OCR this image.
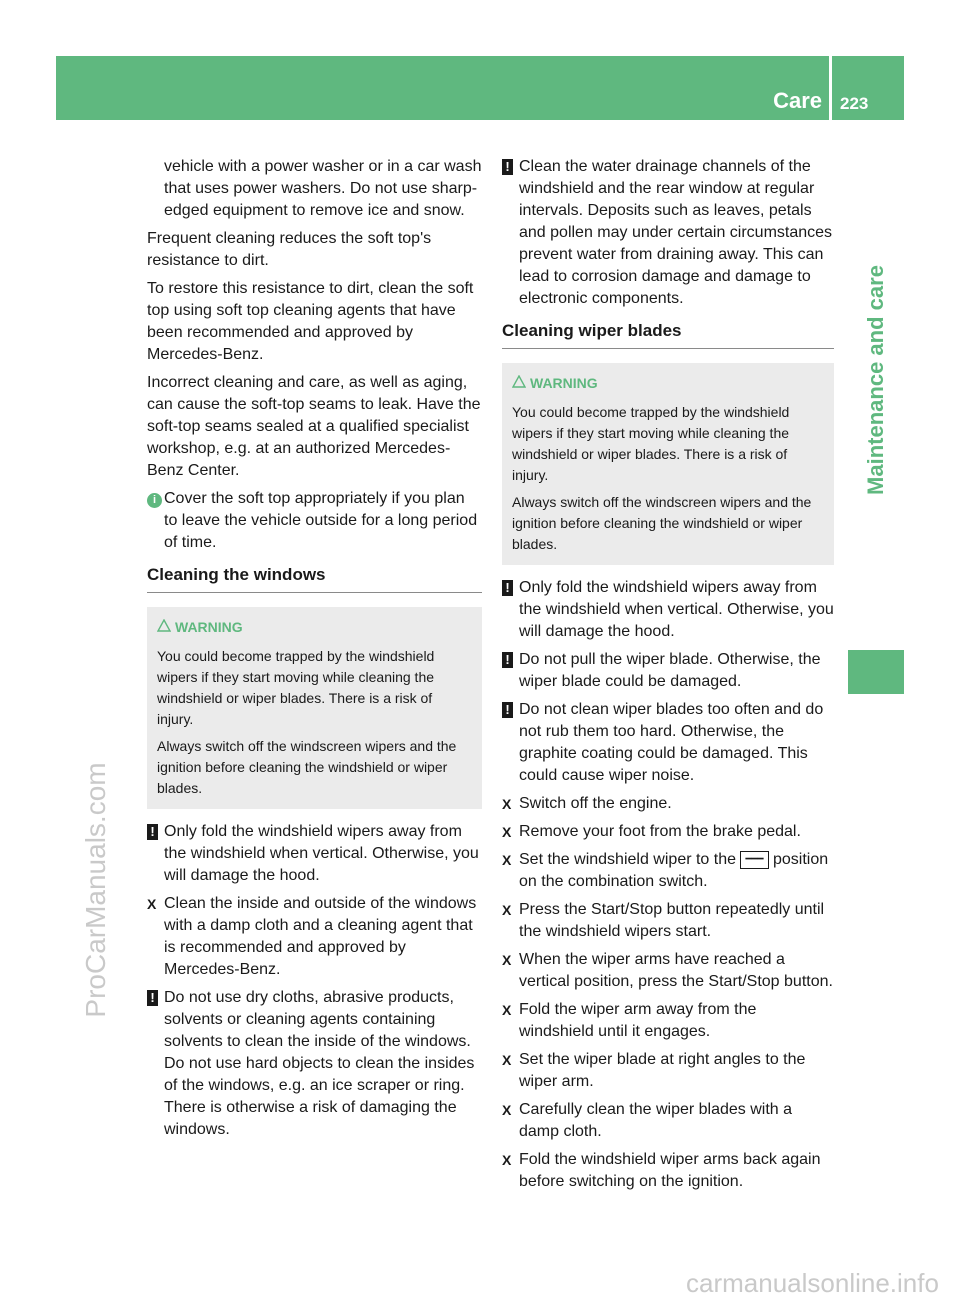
Care 223
Maintenance and care
ProCarManuals.com
carmanualsonline.info

vehicle with a power washer or in a car wash that uses power washers. Do not use sharp-edged equipment to remove ice and snow.

Frequent cleaning reduces the soft top's resistance to dirt.

To restore this resistance to dirt, clean the soft top using soft top cleaning agents that have been recommended and approved by Mercedes-Benz.

Incorrect cleaning and care, as well as aging, can cause the soft-top seams to leak. Have the soft-top seams sealed at a qualified specialist workshop, e.g. at an authorized Mercedes-Benz Center.

i Cover the soft top appropriately if you plan to leave the vehicle outside for a long period of time.
Cleaning the windows
WARNING

You could become trapped by the windshield wipers if they start moving while cleaning the windshield or wiper blades. There is a risk of injury.

Always switch off the windscreen wipers and the ignition before cleaning the windshield or wiper blades.

! Only fold the windshield wipers away from the windshield when vertical. Otherwise, you will damage the hood.
X Clean the inside and outside of the windows with a damp cloth and a cleaning agent that is recommended and approved by Mercedes-Benz.
! Do not use dry cloths, abrasive products, solvents or cleaning agents containing solvents to clean the inside of the windows. Do not use hard objects to clean the insides of the windows, e.g. an ice scraper or ring. There is otherwise a risk of damaging the windows.
! Clean the water drainage channels of the windshield and the rear window at regular intervals. Deposits such as leaves, petals and pollen may under certain circumstances prevent water from draining away. This can lead to corrosion damage and damage to electronic components.
Cleaning wiper blades
WARNING

You could become trapped by the windshield wipers if they start moving while cleaning the windshield or wiper blades. There is a risk of injury.

Always switch off the windscreen wipers and the ignition before cleaning the windshield or wiper blades.

! Only fold the windshield wipers away from the windshield when vertical. Otherwise, you will damage the hood.
! Do not pull the wiper blade. Otherwise, the wiper blade could be damaged.
! Do not clean wiper blades too often and do not rub them too hard. Otherwise, the graphite coating could be damaged. This could cause wiper noise.
X Switch off the engine.
X Remove your foot from the brake pedal.
X Set the windshield wiper to the ━━━ position on the combination switch.
X Press the Start/Stop button repeatedly until the windshield wipers start.
X When the wiper arms have reached a vertical position, press the Start/Stop button.
X Fold the wiper arm away from the windshield until it engages.
X Set the wiper blade at right angles to the wiper arm.
X Carefully clean the wiper blades with a damp cloth.
X Fold the windshield wiper arms back again before switching on the ignition.
